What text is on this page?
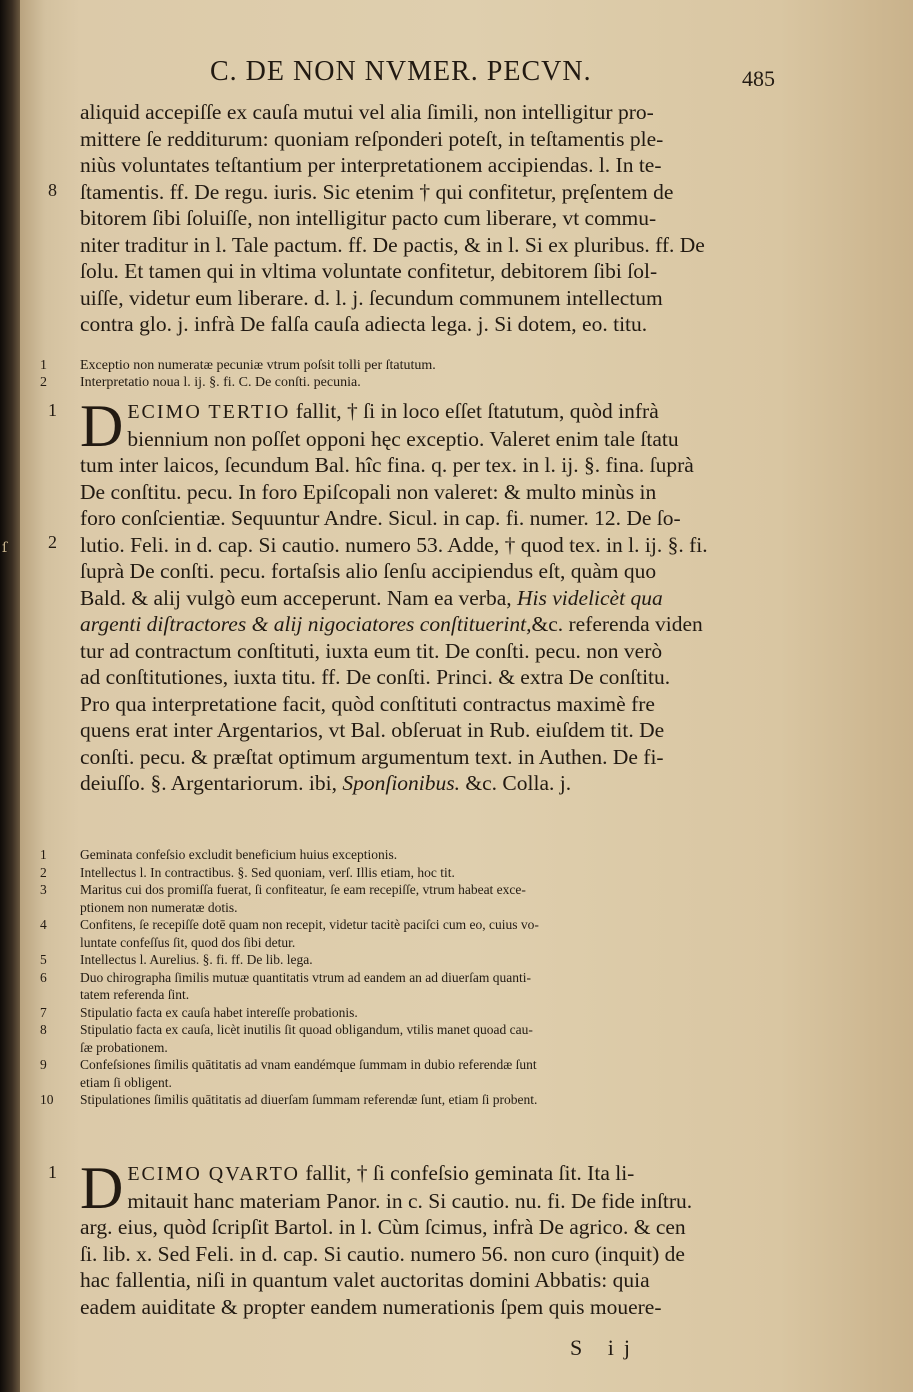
ſ
C. DE NON NVMER. PECVN.	485
8
aliquid accepiſſe ex cauſa mutui vel alia ſimili, non intelligitur pro-
mittere ſe redditurum: quoniam reſponderi poteſt, in teſtamentis ple-
niùs voluntates teſtantium per interpretationem accipiendas. l. In te-
ſtamentis. ff. De regu. iuris. Sic etenim † qui confitetur, pręſentem de
bitorem ſibi ſoluiſſe, non intelligitur pacto cum liberare, vt commu-
niter traditur in l. Tale pactum. ff. De pactis, & in l. Si ex pluribus. ff. De
ſolu. Et tamen qui in vltima voluntate confitetur, debitorem ſibi ſol-
uiſſe, videtur eum liberare. d. l. j. ſecundum communem intellectum
contra glo. j. infrà De falſa cauſa adiecta lega. j. Si dotem, eo. titu.
1	Exceptio non numeratæ pecuniæ vtrum poſsit tolli per ſtatutum.
2	Interpretatio noua l. ij. §. fi. C. De conſti. pecunia.
1
2
D ECIMO TERTIO fallit, † ſi in loco eſſet ſtatutum, quòd infrà
biennium non poſſet opponi hęc exceptio. Valeret enim tale ſtatu
tum inter laicos, ſecundum Bal. hîc fina. q. per tex. in l. ij. §. fina. ſuprà
De conſtitu. pecu. In foro Epiſcopali non valeret: & multo minùs in
foro conſcientiæ. Sequuntur Andre. Sicul. in cap. fi. numer. 12. De ſo-
lutio. Feli. in d. cap. Si cautio. numero 53. Adde, † quod tex. in l. ij. §. fi.
ſuprà De conſti. pecu. fortaſsis alio ſenſu accipiendus eſt, quàm quo
Bald. & alij vulgò eum acceperunt. Nam ea verba, His videlicèt qua
argenti diſtractores & alij nigociatores conſtituerint,&c. referenda viden
tur ad contractum conſtituti, iuxta eum tit. De conſti. pecu. non verò
ad conſtitutiones, iuxta titu. ff. De conſti. Princi. & extra De conſtitu.
Pro qua interpretatione facit, quòd conſtituti contractus maximè fre
quens erat inter Argentarios, vt Bal. obſeruat in Rub. eiuſdem tit. De
conſti. pecu. & præſtat optimum argumentum text. in Authen. De fi-
deiuſſo. §. Argentariorum. ibi, Sponſionibus. &c. Colla. j.
1	Geminata confeſsio excludit beneficium huius exceptionis.
2	Intellectus l. In contractibus. §. Sed quoniam, verſ. Illis etiam, hoc tit.
3	Maritus cui dos promiſſa fuerat, ſi confiteatur, ſe eam recepiſſe, vtrum habeat exce-
ptionem non numeratæ dotis.
4	Confitens, ſe recepiſſe dotē quam non recepit, videtur tacitè paciſci cum eo, cuius vo-
luntate confeſſus ſit, quod dos ſibi detur.
5	Intellectus l. Aurelius. §. fi. ff. De lib. lega.
6	Duo chirographa ſimilis mutuæ quantitatis vtrum ad eandem an ad diuerſam quanti-
tatem referenda ſint.
7	Stipulatio facta ex cauſa habet intereſſe probationis.
8	Stipulatio facta ex cauſa, licèt inutilis ſit quoad obligandum, vtilis manet quoad cau-
ſæ probationem.
9	Confeſsiones ſimilis quātitatis ad vnam eandémque ſummam in dubio referendæ ſunt
etiam ſi obligent.
10	Stipulationes ſimilis quātitatis ad diuerſam ſummam referendæ ſunt, etiam ſi probent.
1 D ECIMO QVARTO fallit, † ſi confeſsio geminata ſit. Ita li-
mitauit hanc materiam Panor. in c. Si cautio. nu. fi. De fide inſtru.
arg. eius, quòd ſcripſit Bartol. in l. Cùm ſcimus, infrà De agrico. & cen
ſi. lib. x. Sed Feli. in d. cap. Si cautio. numero 56. non curo (inquit) de
hac fallentia, niſi in quantum valet auctoritas domini Abbatis: quia
eadem auiditate & propter eandem numerationis ſpem quis mouere-
S ij
